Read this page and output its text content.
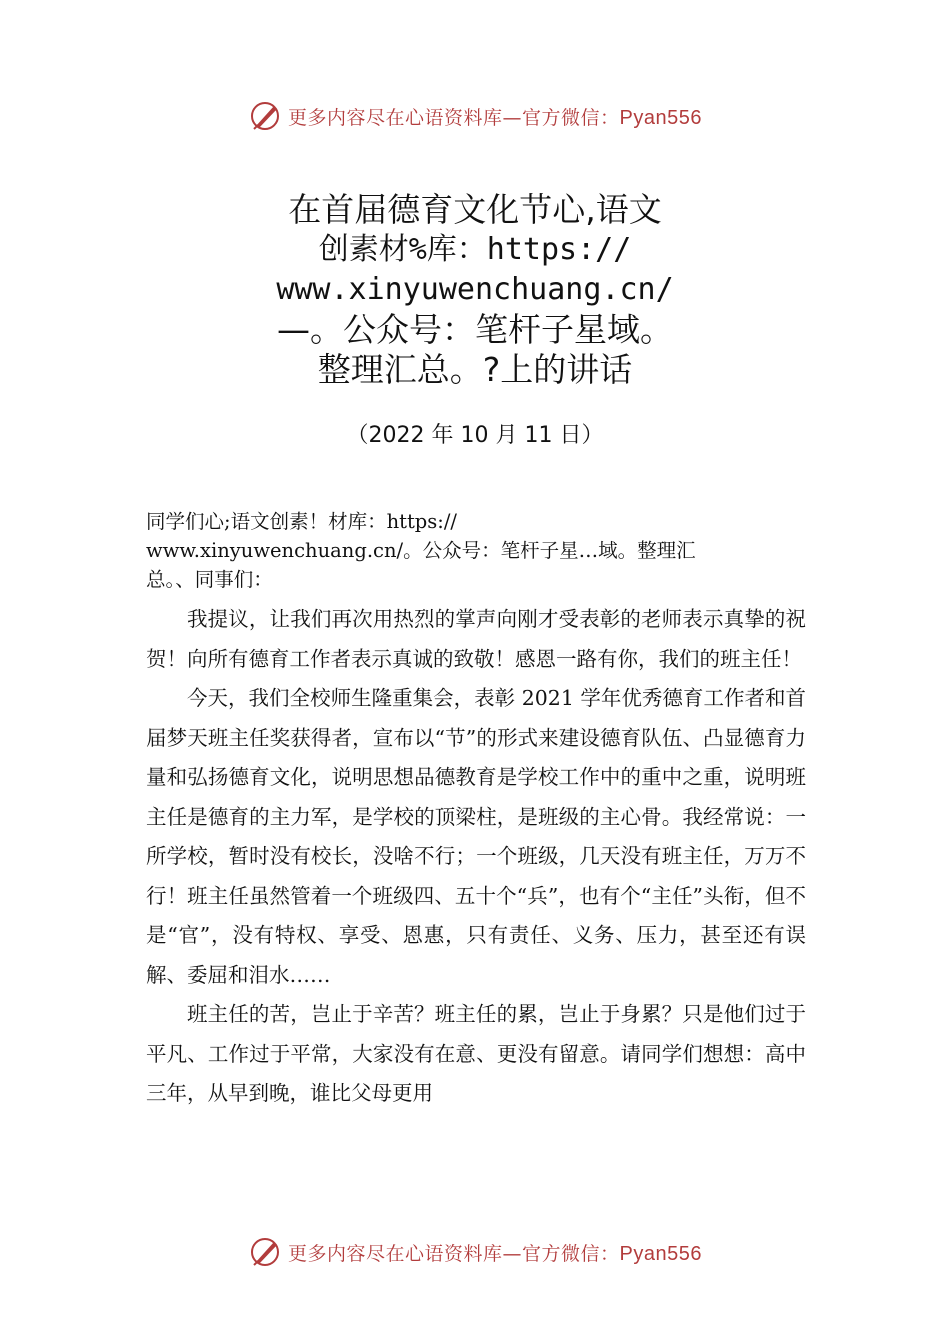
更多内容尽在心语资料库—官方微信：Pyan556
在首届德育文化节心,语文
创素材%库：https://
www.xinyuwenchuang.cn/
—。公众号：笔杆子星域。
整理汇总。?上的讲话
（2022 年 10 月 11 日）
同学们心;语文创素！材库：https://
www.xinyuwenchuang.cn/。公众号：笔杆子星…域。整理汇
总。、同事们：

我提议，让我们再次用热烈的掌声向刚才受表彰的老师表示真挚的祝贺！向所有德育工作者表示真诚的致敬！感恩一路有你，我们的班主任！

今天，我们全校师生隆重集会，表彰 2021 学年优秀德育工作者和首届梦天班主任奖获得者，宣布以“节”的形式来建设德育队伍、凸显德育力量和弘扬德育文化，说明思想品德教育是学校工作中的重中之重，说明班主任是德育的主力军，是学校的顶梁柱，是班级的主心骨。我经常说：一所学校，暂时没有校长，没啥不行；一个班级，几天没有班主任，万万不行！班主任虽然管着一个班级四、五十个“兵”，也有个“主任”头衔，但不是“官”，没有特权、享受、恩惠，只有责任、义务、压力，甚至还有误解、委屈和泪水……

班主任的苦，岂止于辛苦？班主任的累，岂止于身累？只是他们过于平凡、工作过于平常，大家没有在意、更没有留意。请同学们想想：高中三年，从早到晚，谁比父母更用

更多内容尽在心语资料库—官方微信：Pyan556
